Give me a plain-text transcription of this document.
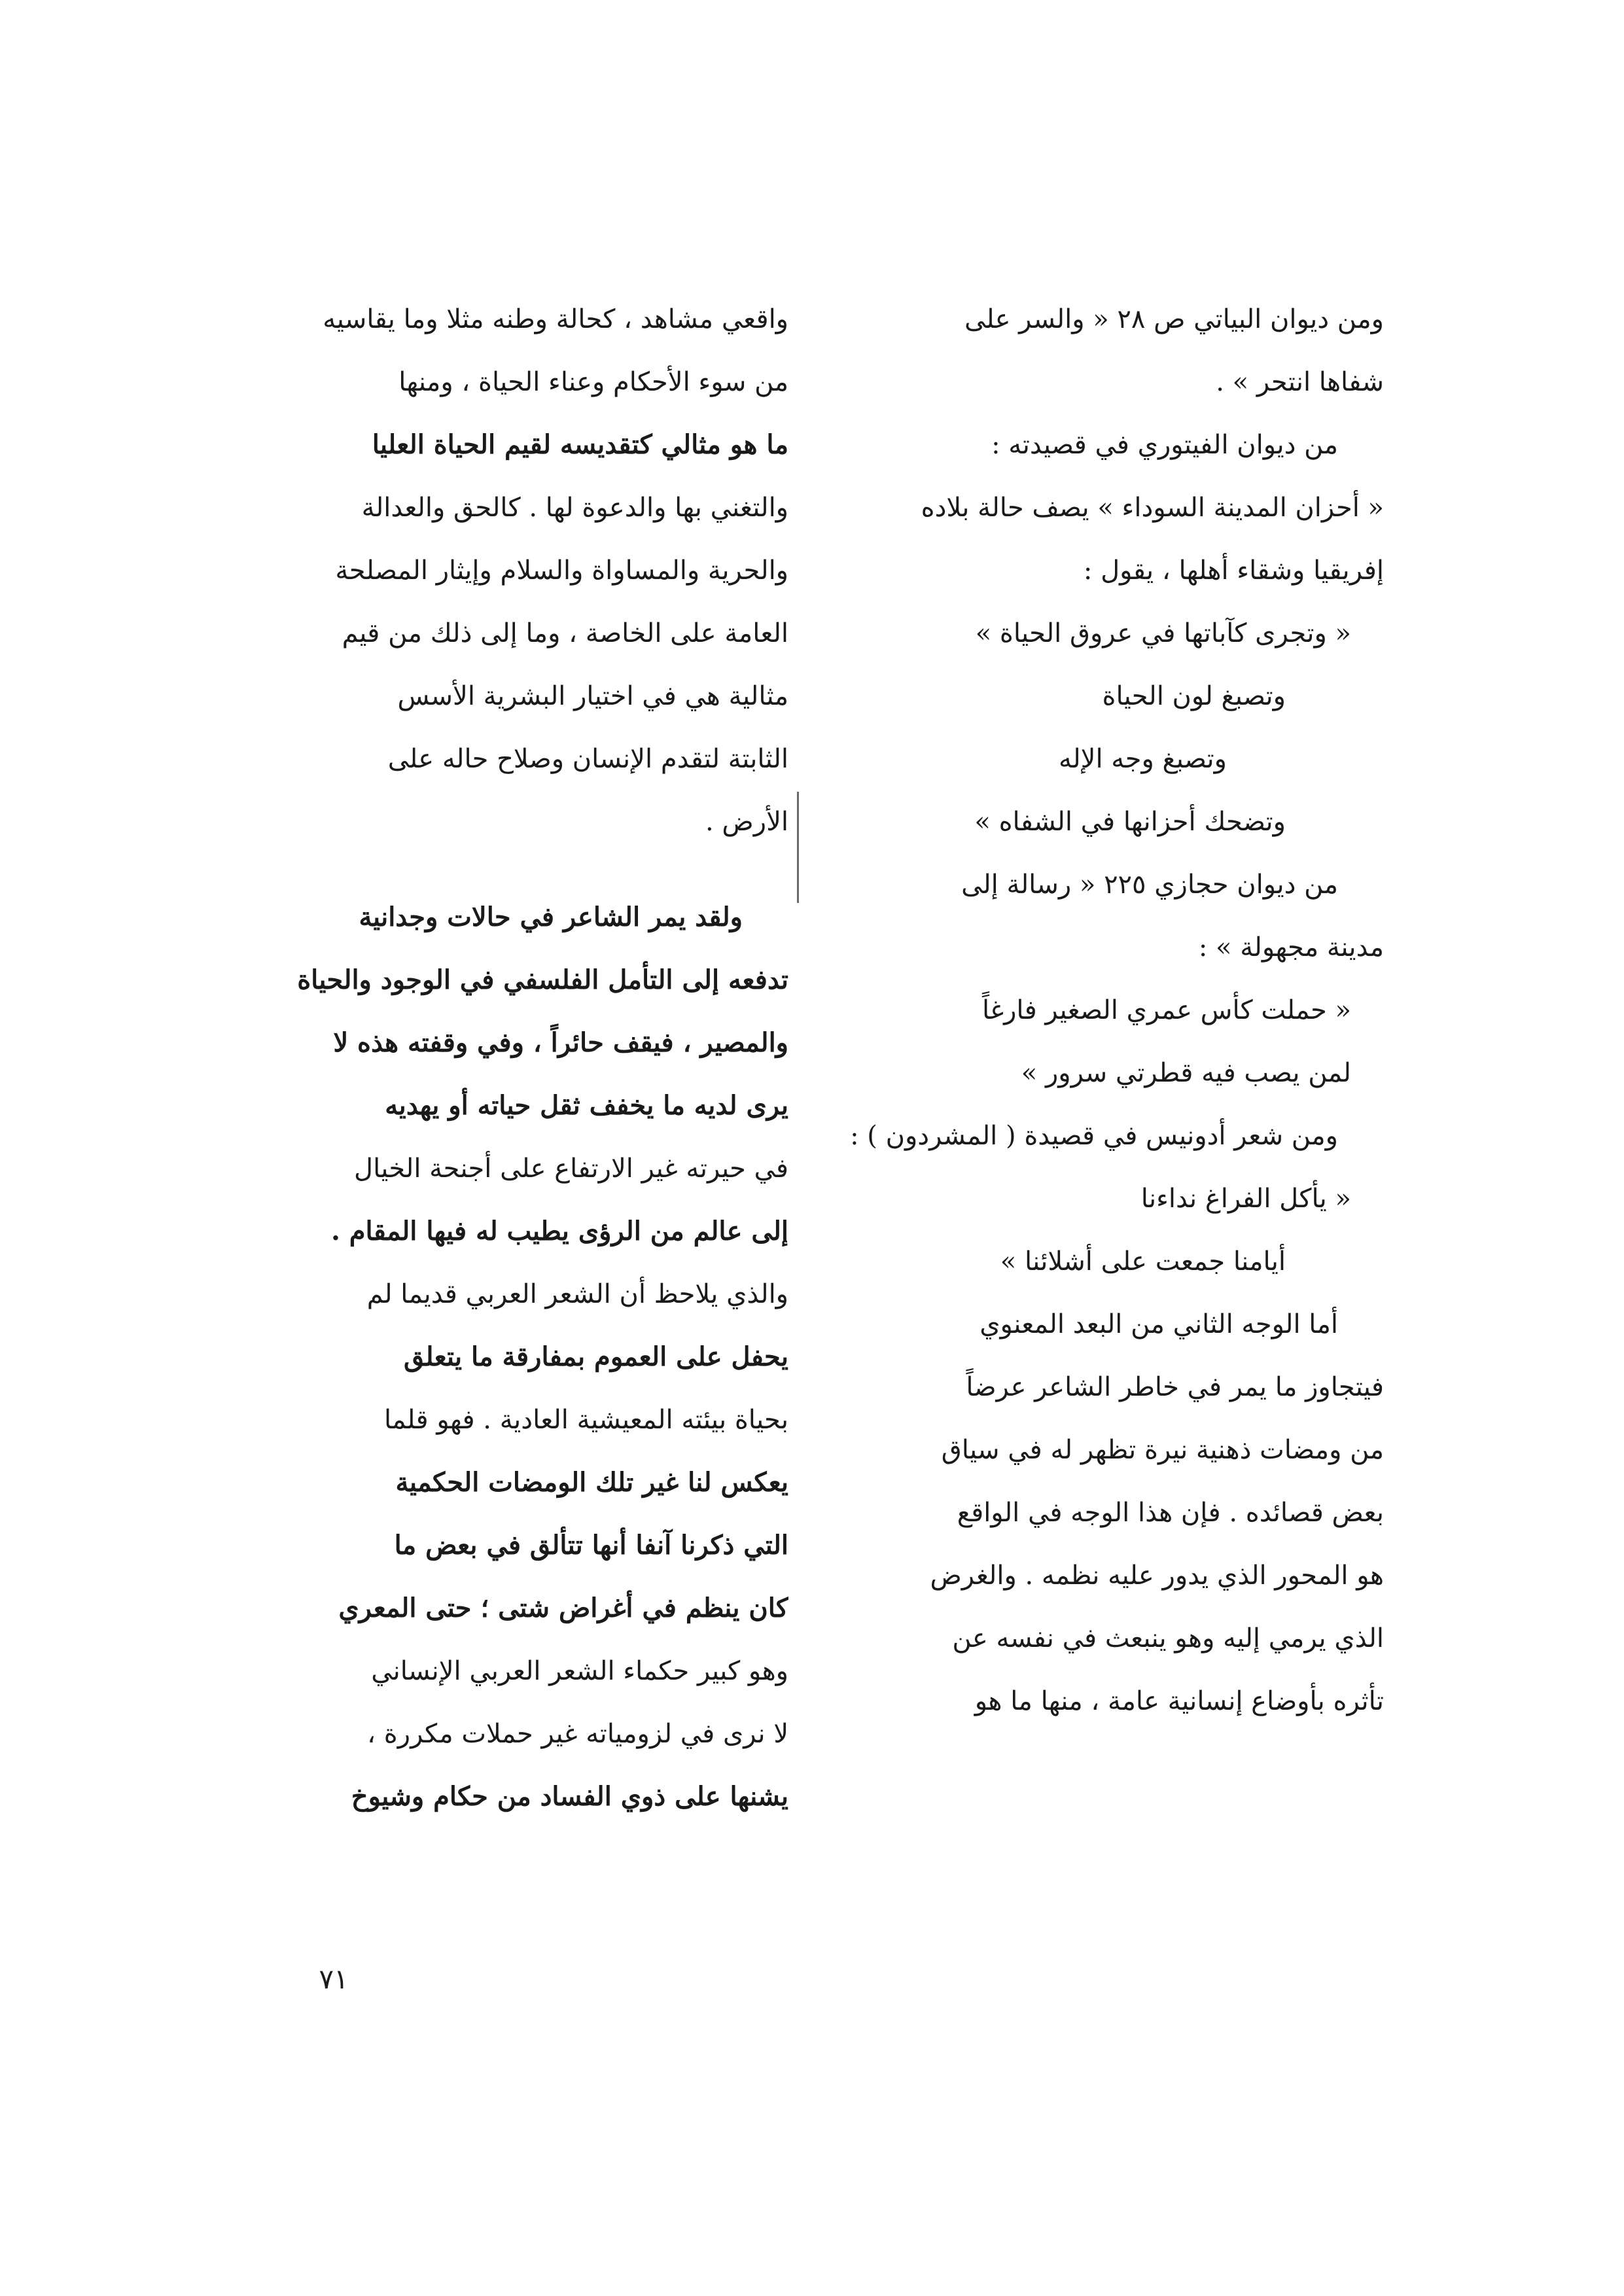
ومن ديوان البياتي ص ٢٨ « والسر على
شفاها انتحر » .
من ديوان الفيتوري في قصيدته :
« أحزان المدينة السوداء » يصف حالة بلاده
إفريقيا وشقاء أهلها ، يقول :
« وتجرى كآباتها في عروق الحياة »
وتصبغ لون الحياة
وتصبغ وجه الإله
وتضحك أحزانها في الشفاه »
من ديوان حجازي ٢٢٥ « رسالة إلى
مدينة مجهولة » :
« حملت كأس عمري الصغير فارغاً
لمن يصب فيه قطرتي سرور »
ومن شعر أدونيس في قصيدة ( المشردون ) :
« يأكل الفراغ نداءنا
أيامنا جمعت على أشلائنا »
أما الوجه الثاني من البعد المعنوي
فيتجاوز ما يمر في خاطر الشاعر عرضاً
من ومضات ذهنية نيرة تظهر له في سياق
بعض قصائده . فإن هذا الوجه في الواقع
هو المحور الذي يدور عليه نظمه . والغرض
الذي يرمي إليه وهو ينبعث في نفسه عن
تأثره بأوضاع إنسانية عامة ، منها ما هو
واقعي مشاهد ، كحالة وطنه مثلا وما يقاسيه
من سوء الأحكام وعناء الحياة ، ومنها
ما هو مثالي كتقديسه لقيم الحياة العليا
والتغني بها والدعوة لها . كالحق والعدالة
والحرية والمساواة والسلام وإيثار المصلحة
العامة على الخاصة ، وما إلى ذلك من قيم
مثالية هي في اختيار البشرية الأسس
الثابتة لتقدم الإنسان وصلاح حاله على
الأرض .
ولقد يمر الشاعر في حالات وجدانية
تدفعه إلى التأمل الفلسفي في الوجود والحياة
والمصير ، فيقف حائراً ، وفي وقفته هذه لا
يرى لديه ما يخفف ثقل حياته أو يهديه
في حيرته غير الارتفاع على أجنحة الخيال
إلى عالم من الرؤى يطيب له فيها المقام .
والذي يلاحظ أن الشعر العربي قديما لم
يحفل على العموم بمفارقة ما يتعلق
بحياة بيئته المعيشية العادية . فهو قلما
يعكس لنا غير تلك الومضات الحكمية
التي ذكرنا آنفا أنها تتألق في بعض ما
كان ينظم في أغراض شتى ؛ حتى المعري
وهو كبير حكماء الشعر العربي الإنساني
لا نرى في لزومياته غير حملات مكررة ،
يشنها على ذوي الفساد من حكام وشيوخ
٧١
